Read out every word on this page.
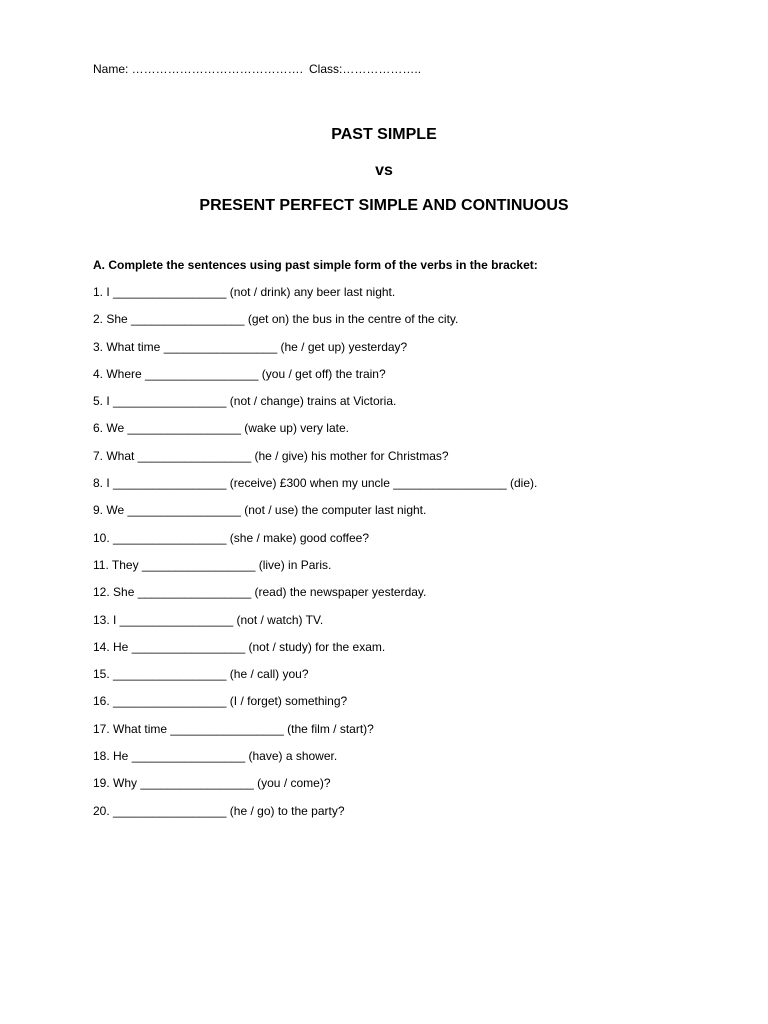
Name: ……………………………………. Class:………………..
PAST SIMPLE
vs
PRESENT PERFECT SIMPLE AND CONTINUOUS
A. Complete the sentences using past simple form of the verbs in the bracket:
1. I _________________ (not / drink) any beer last night.
2. She _________________ (get on) the bus in the centre of the city.
3. What time _________________ (he / get up) yesterday?
4. Where _________________ (you / get off) the train?
5. I _________________ (not / change) trains at Victoria.
6. We _________________ (wake up) very late.
7. What _________________ (he / give) his mother for Christmas?
8. I _________________ (receive) £300 when my uncle _________________ (die).
9. We _________________ (not / use) the computer last night.
10. _________________ (she / make) good coffee?
11. They _________________ (live) in Paris.
12. She _________________ (read) the newspaper yesterday.
13. I _________________ (not / watch) TV.
14. He _________________ (not / study) for the exam.
15. _________________ (he / call) you?
16. _________________ (I / forget) something?
17. What time _________________ (the film / start)?
18. He _________________ (have) a shower.
19. Why _________________ (you / come)?
20. _________________ (he / go) to the party?
